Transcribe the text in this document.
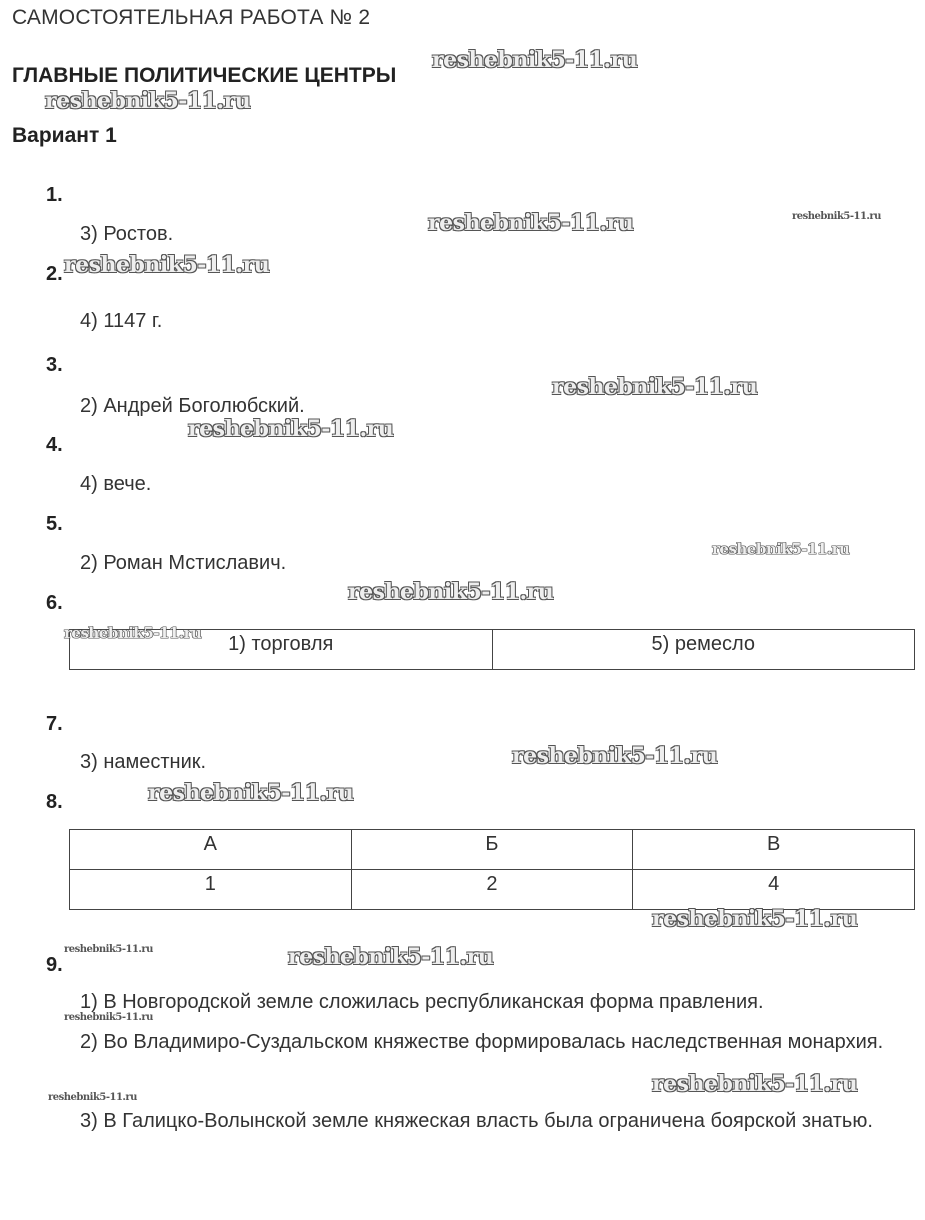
САМОСТОЯТЕЛЬНАЯ РАБОТА № 2
ГЛАВНЫЕ ПОЛИТИЧЕСКИЕ ЦЕНТРЫ
Вариант 1
1.
3) Ростов.
2.
4) 1147 г.
3.
2) Андрей Боголюбский.
4.
4) вече.
5.
2) Роман Мстиславич.
6.
1) торговля	5) ремесло
7.
3) наместник.
8.
А	Б	В
1	2	4
9.
1) В Новгородской земле сложилась республиканская форма правления.
2) Во Владимиро-Суздальском княжестве формировалась наследственная монархия.
3) В Галицко-Волынской земле княжеская власть была ограничена боярской знатью.
reshebnik5-11.ru
reshebnik5-11.ru
reshebnik5-11.ru	reshebnik5-11.ru
reshebnik5-11.ru
reshebnik5-11.ru
reshebnik5-11.ru
reshebnik5-11.ru
reshebnik5-11.ru
reshebnik5-11.ru
reshebnik5-11.ru
reshebnik5-11.ru
reshebnik5-11.ru
reshebnik5-11.ru	reshebnik5-11.ru
reshebnik5-11.ru
reshebnik5-11.ru
reshebnik5-11.ru
